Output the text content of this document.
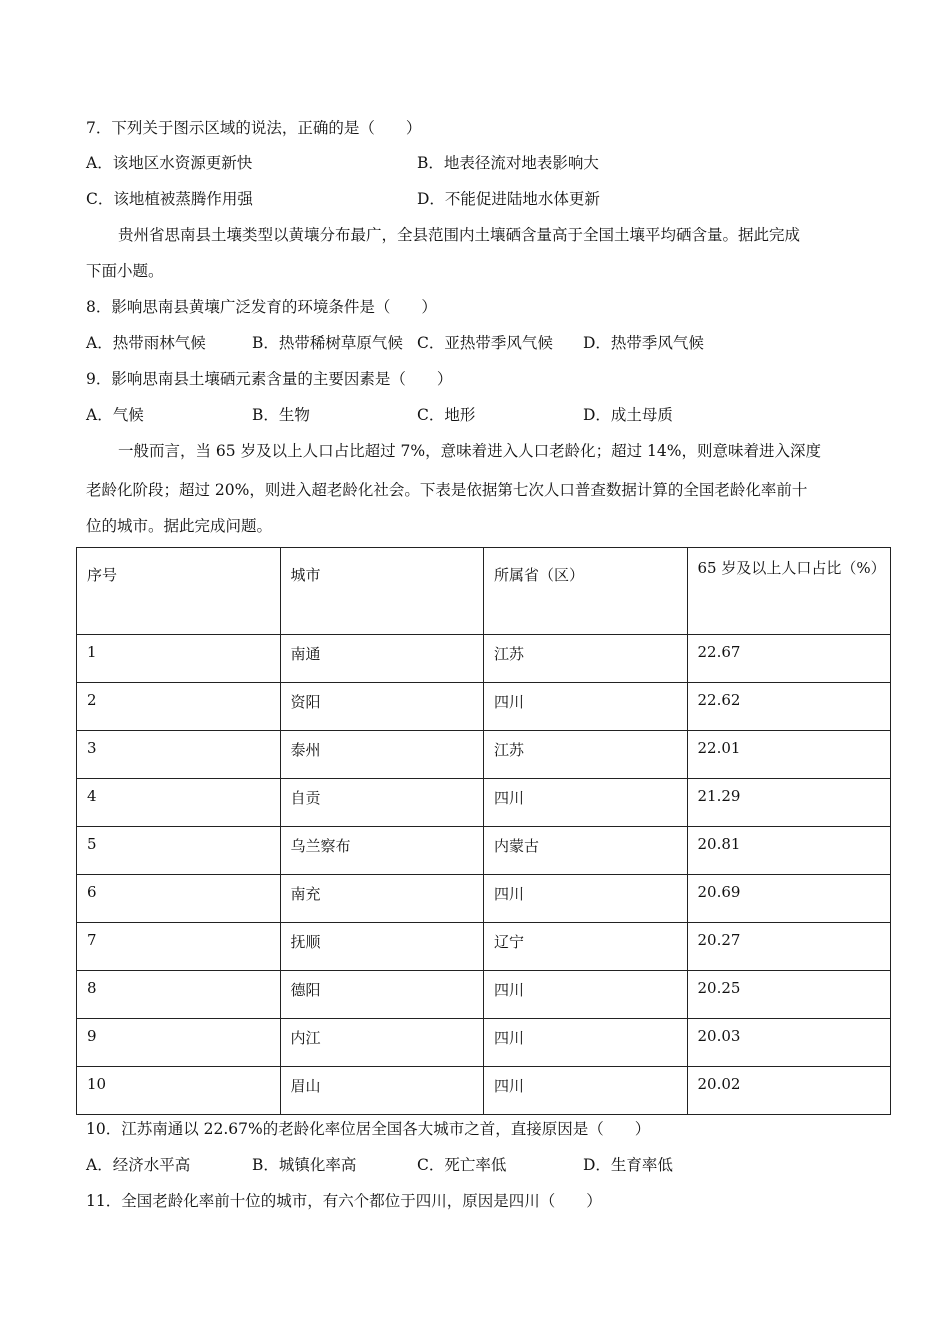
7．下列关于图示区域的说法，正确的是（　　）
A．该地区水资源更新快	B．地表径流对地表影响大
C．该地植被蒸腾作用强	D．不能促进陆地水体更新
贵州省思南县土壤类型以黄壤分布最广，全县范围内土壤硒含量高于全国土壤平均硒含量。据此完成
下面小题。
8．影响思南县黄壤广泛发育的环境条件是（　　）
A．热带雨林气候	B．热带稀树草原气候 C．亚热带季风气候 D．热带季风气候
9．影响思南县土壤硒元素含量的主要因素是（　　）
A．气候	B．生物	C．地形	D．成土母质
一般而言，当 65 岁及以上人口占比超过 7%，意味着进入人口老龄化；超过 14%，则意味着进入深度
老龄化阶段；超过 20%，则进入超老龄化社会。下表是依据第七次人口普查数据计算的全国老龄化率前十
位的城市。据此完成问题。
序号	城市	所属省（区）	65 岁及以上人口占比（%）
1	南通	江苏	22.67
2	资阳	四川	22.62
3	泰州	江苏	22.01
4	自贡	四川	21.29
5	乌兰察布	内蒙古	20.81
6	南充	四川	20.69
7	抚顺	辽宁	20.27
8	德阳	四川	20.25
9	内江	四川	20.03
10	眉山	四川	20.02
10．江苏南通以 22.67%的老龄化率位居全国各大城市之首，直接原因是（　　）
A．经济水平高	B．城镇化率高	C．死亡率低	D．生育率低
11．全国老龄化率前十位的城市，有六个都位于四川，原因是四川（　　）
